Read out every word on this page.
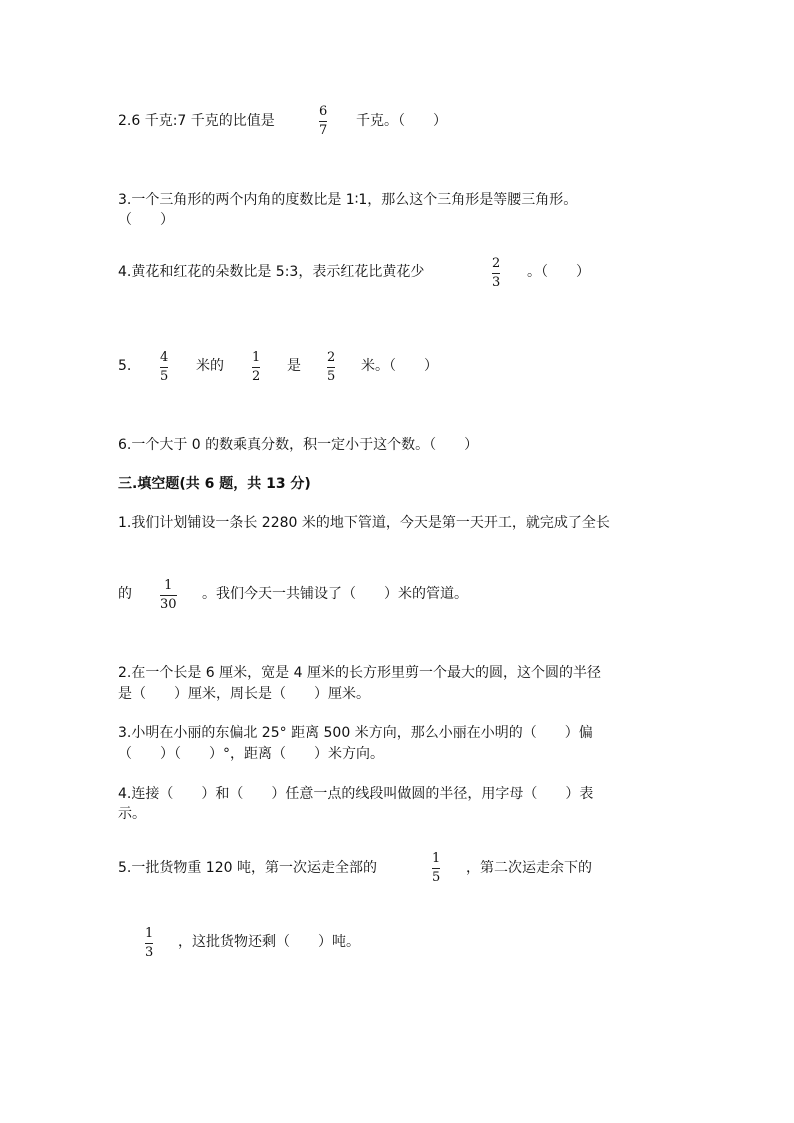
2.6 千克:7 千克的比值是
6
7
千克。（　　）
3.一个三角形的两个内角的度数比是 1∶1，那么这个三角形是等腰三角形。
（　　）
4.黄花和红花的朵数比是 5:3，表示红花比黄花少
2
3
。（　　）
5.
4
5
米的
1
2
是
2
5
米。（　　）
6.一个大于 0 的数乘真分数，积一定小于这个数。（　　）
三.填空题(共 6 题，共 13 分)
1.我们计划铺设一条长 2280 米的地下管道，今天是第一天开工，就完成了全长
的
1
30
。我们今天一共铺设了（　　）米的管道。
2.在一个长是 6 厘米，宽是 4 厘米的长方形里剪一个最大的圆，这个圆的半径
是（　　）厘米，周长是（　　）厘米。
3.小明在小丽的东偏北 25° 距离 500 米方向，那么小丽在小明的（　　）偏
（　　）（　　）°，距离（　　）米方向。
4.连接（　　）和（　　）任意一点的线段叫做圆的半径，用字母（　　）表
示。
5.一批货物重 120 吨，第一次运走全部的
1
5
，第二次运走余下的
1
3
，这批货物还剩（　　）吨。
